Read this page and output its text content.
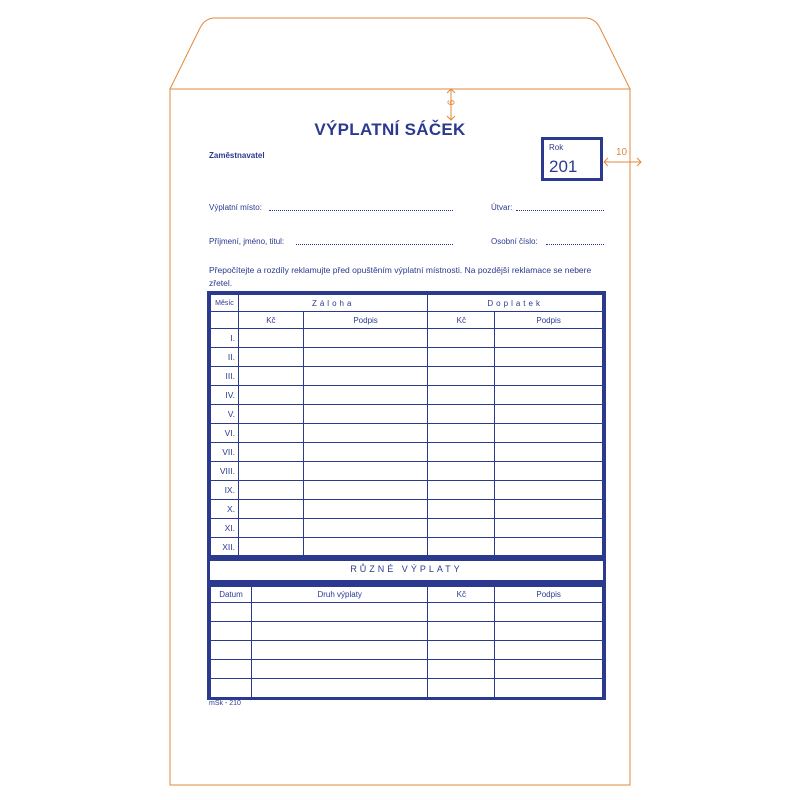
9
10
VÝPLATNÍ SÁČEK
Zaměstnavatel
Rok
201
Výplatní místo:	Útvar:
Příjmení, jméno, titul:	Osobní číslo:
Přepočítejte a rozdíly reklamujte před opuštěním výplatní místnosti. Na pozdější reklamace se nebere zřetel.
Měsíc	Záloha		Doplatek	
	Kč	Podpis	Kč	Podpis
I.				
II.				
III.				
IV.				
V.				
VI.				
VII.				
VIII.				
IX.				
X.				
XI.				
XII.				
RŮZNÉ VÝPLATY
Datum	Druh výplaty	Kč	Podpis

mSk - 210
